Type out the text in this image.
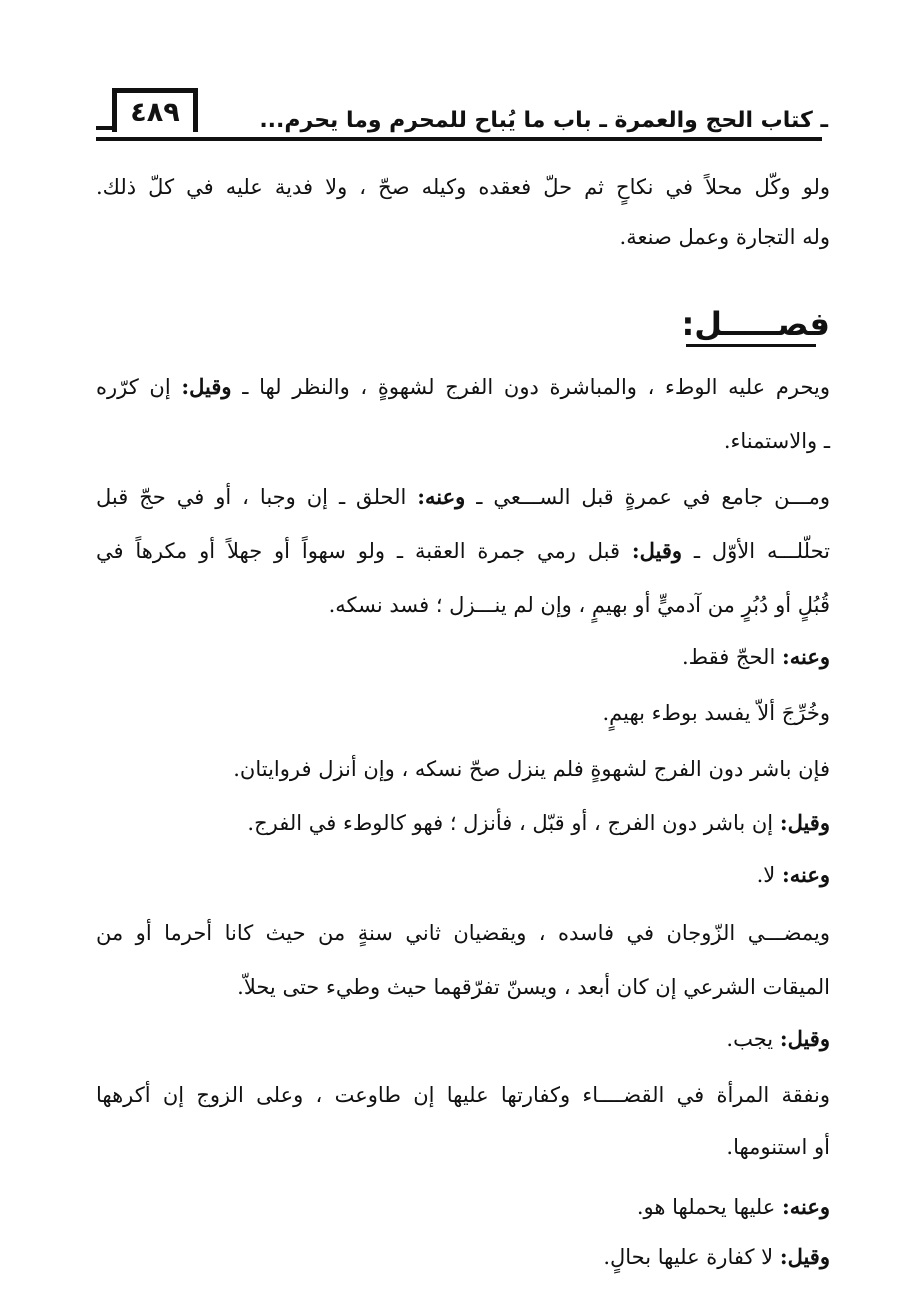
٤٨٩	ـ كتاب الحج والعمرة ـ باب ما يُباح للمحرم وما يحرم...
ولو وكّل محلاً في نكاحٍ ثم حلّ فعقده وكيله صحّ ، ولا فدية عليه في كلّ ذلك.
وله التجارة وعمل صنعة.
فصـــــل:
ويحرم عليه الوطء ، والمباشرة دون الفرج لشهوةٍ ، والنظر لها ـ وقيل: إن كرّره
ـ والاستمناء.
ومـــن جامع في عمرةٍ قبل الســـعي ـ وعنه: الحلق ـ إن وجبا ، أو في حجّ قبل
تحلّلـــه الأوّل ـ وقيل: قبل رمي جمرة العقبة ـ ولو سهواً أو جهلاً أو مكرهاً في
قُبُلٍ أو دُبُرٍ من آدميٍّ أو بهيمٍ ، وإن لم ينـــزل ؛ فسد نسكه.
وعنه: الحجّ فقط.
وخُرِّجَ ألاّ يفسد بوطء بهيمٍ.
فإن باشر دون الفرج لشهوةٍ فلم ينزل صحّ نسكه ، وإن أنزل فروايتان.
وقيل: إن باشر دون الفرج ، أو قبّل ، فأنزل ؛ فهو كالوطء في الفرج.
وعنه: لا.
ويمضـــي الزّوجان في فاسده ، ويقضيان ثاني سنةٍ من حيث كانا أحرما أو من
الميقات الشرعي إن كان أبعد ، ويسنّ تفرّقهما حيث وطيء حتى يحلاّ.
وقيل: يجب.
ونفقة المرأة في القضــــاء وكفارتها عليها إن طاوعت ، وعلى الزوج إن أكرهها
أو استنومها.
وعنه: عليها يحملها هو.
وقيل: لا كفارة عليها بحالٍ.
